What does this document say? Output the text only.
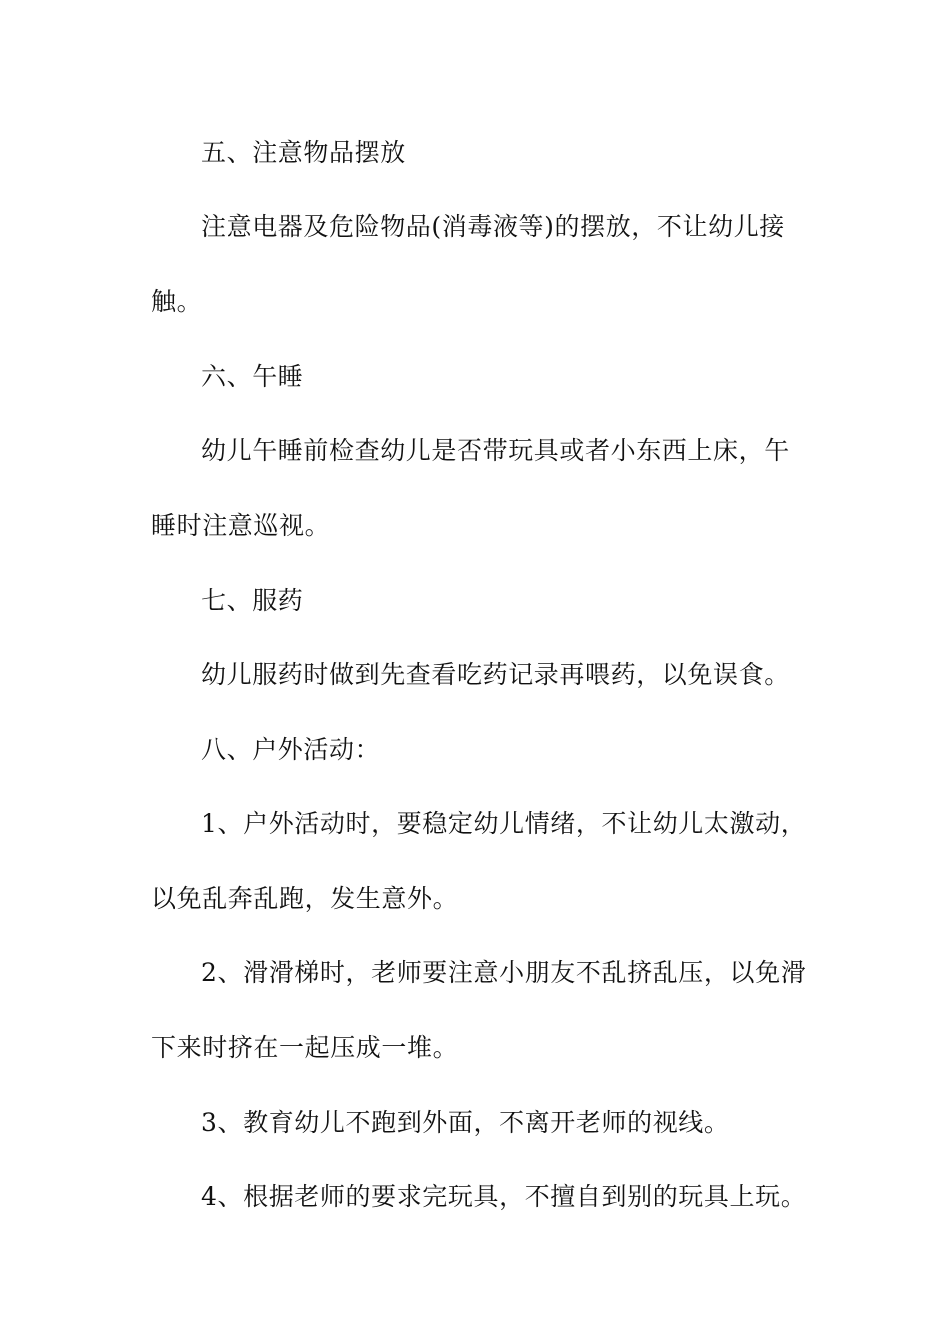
五、注意物品摆放
注意电器及危险物品(消毒液等)的摆放，不让幼儿接
触。
六、午睡
幼儿午睡前检查幼儿是否带玩具或者小东西上床，午
睡时注意巡视。
七、服药
幼儿服药时做到先查看吃药记录再喂药，以免误食。
八、户外活动：
1、户外活动时，要稳定幼儿情绪，不让幼儿太激动，
以免乱奔乱跑，发生意外。
2、滑滑梯时，老师要注意小朋友不乱挤乱压，以免滑
下来时挤在一起压成一堆。
3、教育幼儿不跑到外面，不离开老师的视线。
4、根据老师的要求完玩具，不擅自到别的玩具上玩。
